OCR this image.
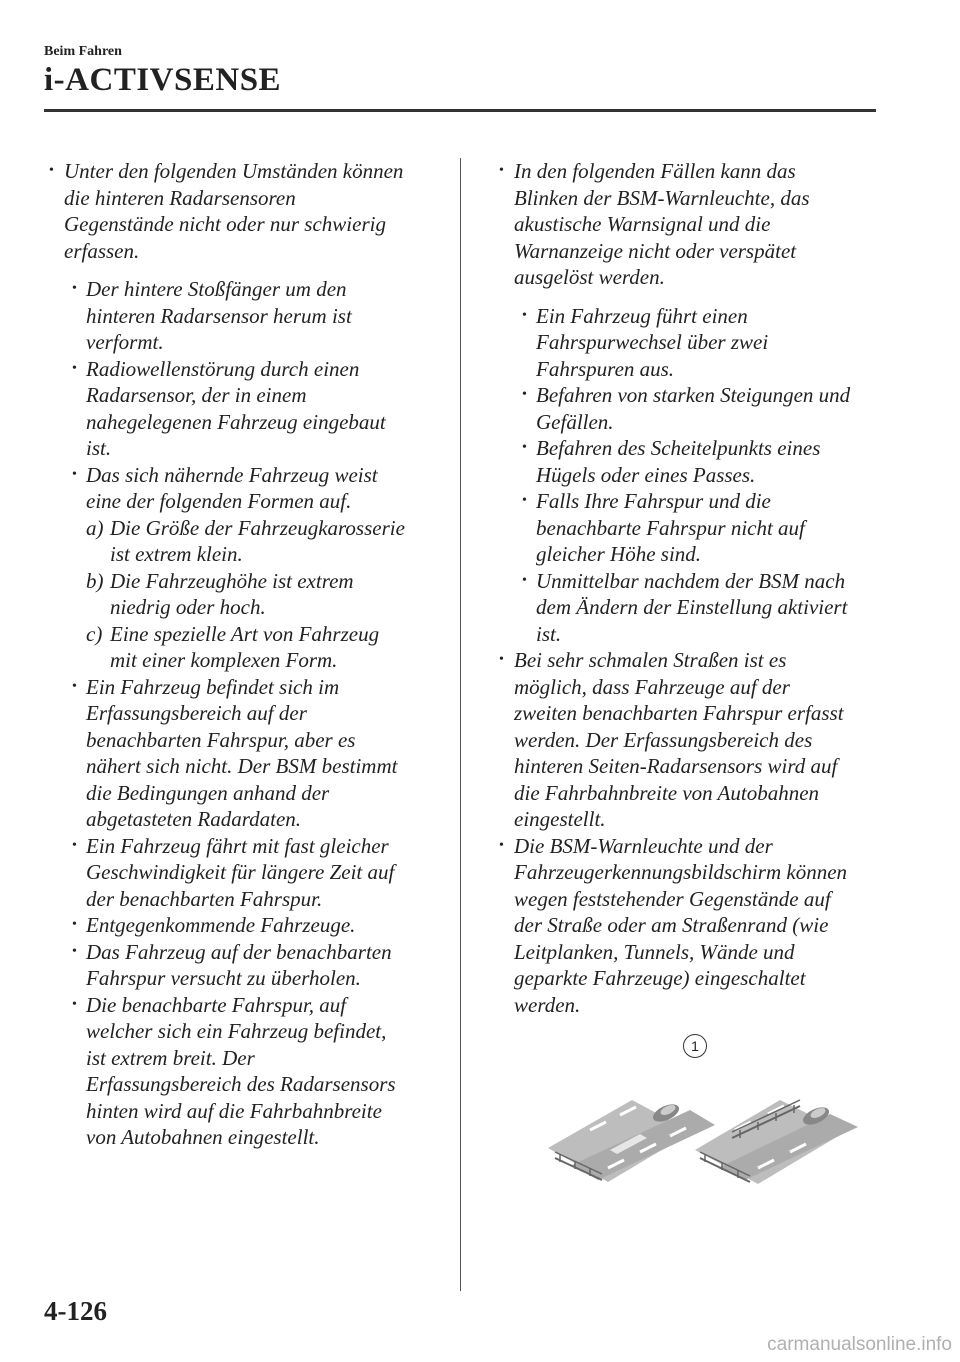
Beim Fahren
i-ACTIVSENSE
• Unter den folgenden Umständen können
die hinteren Radarsensoren
Gegenstände nicht oder nur schwierig
erfassen.
• Der hintere Stoßfänger um den
hinteren Radarsensor herum ist
verformt.
• Radiowellenstörung durch einen
Radarsensor, der in einem
nahegelegenen Fahrzeug eingebaut
ist.
• Das sich nähernde Fahrzeug weist
eine der folgenden Formen auf.
a) Die Größe der Fahrzeugkarosserie
ist extrem klein.
b) Die Fahrzeughöhe ist extrem
niedrig oder hoch.
c) Eine spezielle Art von Fahrzeug
mit einer komplexen Form.
• Ein Fahrzeug befindet sich im
Erfassungsbereich auf der
benachbarten Fahrspur, aber es
nähert sich nicht. Der BSM bestimmt
die Bedingungen anhand der
abgetasteten Radardaten.
• Ein Fahrzeug fährt mit fast gleicher
Geschwindigkeit für längere Zeit auf
der benachbarten Fahrspur.
• Entgegenkommende Fahrzeuge.
• Das Fahrzeug auf der benachbarten
Fahrspur versucht zu überholen.
• Die benachbarte Fahrspur, auf
welcher sich ein Fahrzeug befindet,
ist extrem breit. Der
Erfassungsbereich des Radarsensors
hinten wird auf die Fahrbahnbreite
von Autobahnen eingestellt.
• In den folgenden Fällen kann das
Blinken der BSM-Warnleuchte, das
akustische Warnsignal und die
Warnanzeige nicht oder verspätet
ausgelöst werden.
• Ein Fahrzeug führt einen
Fahrspurwechsel über zwei
Fahrspuren aus.
• Befahren von starken Steigungen und
Gefällen.
• Befahren des Scheitelpunkts eines
Hügels oder eines Passes.
• Falls Ihre Fahrspur und die
benachbarte Fahrspur nicht auf
gleicher Höhe sind.
• Unmittelbar nachdem der BSM nach
dem Ändern der Einstellung aktiviert
ist.
• Bei sehr schmalen Straßen ist es
möglich, dass Fahrzeuge auf der
zweiten benachbarten Fahrspur erfasst
werden. Der Erfassungsbereich des
hinteren Seiten-Radarsensors wird auf
die Fahrbahnbreite von Autobahnen
eingestellt.
• Die BSM-Warnleuchte und der
Fahrzeugerkennungsbildschirm können
wegen feststehender Gegenstände auf
der Straße oder am Straßenrand (wie
Leitplanken, Tunnels, Wände und
geparkte Fahrzeuge) eingeschaltet
werden.
1
4-126
carmanualsonline.info
